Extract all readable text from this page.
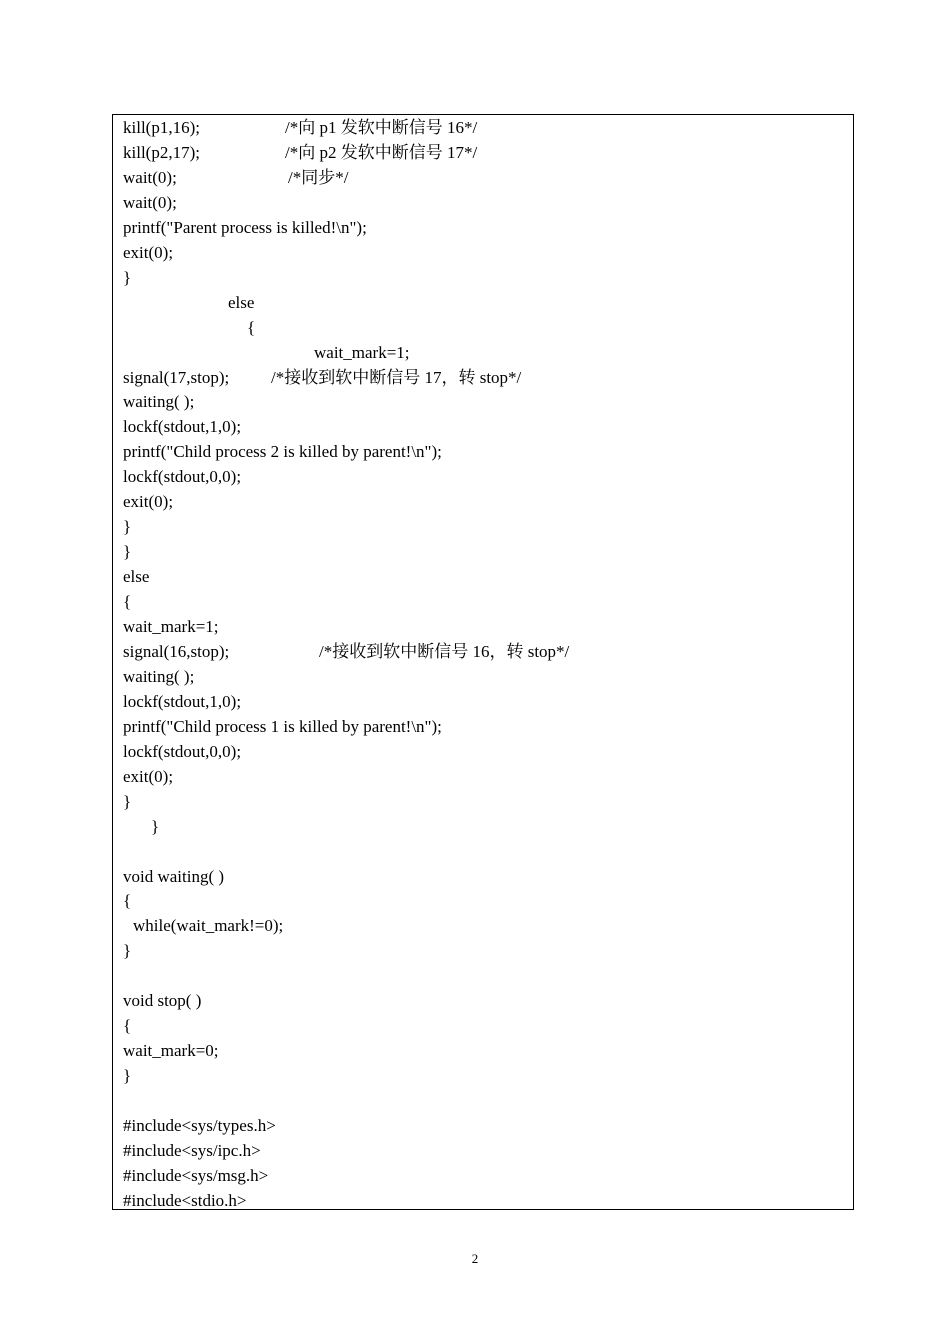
kill(p1,16);	/*向 p1 发软中断信号 16*/
kill(p2,17);	/*向 p2 发软中断信号 17*/
wait(0);	/*同步*/
wait(0);
printf("Parent process is killed!\n");
exit(0);
}
else
{
wait_mark=1;
signal(17,stop); /*接收到软中断信号 17，转 stop*/
waiting( );
lockf(stdout,1,0);
printf("Child process 2 is killed by parent!\n");
lockf(stdout,0,0);
exit(0);
}
}
else
{
wait_mark=1;
signal(16,stop);	/*接收到软中断信号 16，转 stop*/
waiting( );
lockf(stdout,1,0);
printf("Child process 1 is killed by parent!\n");
lockf(stdout,0,0);
exit(0);
}
}
void waiting( )
{
while(wait_mark!=0);
}
void stop( )
{
wait_mark=0;
}
#include<sys/types.h>
#include<sys/ipc.h>
#include<sys/msg.h>
#include<stdio.h>
2
